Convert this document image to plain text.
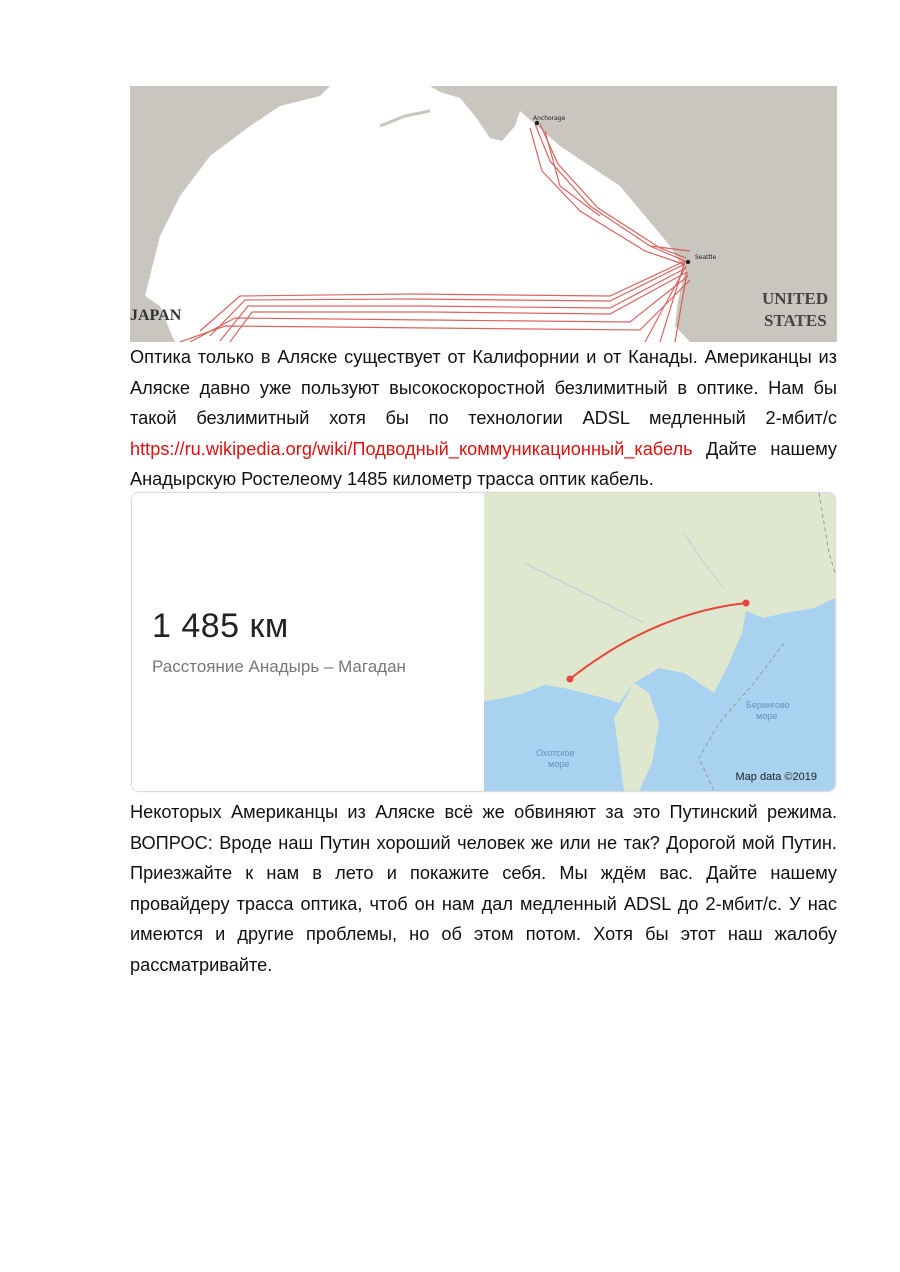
Anchorage
Seattle
JAPAN
UNITED
STATES

Оптика только в Аляске существует от Калифорнии и от Канады. Американцы из Аляске давно уже пользуют высокоскоростной безлимитный в оптике. Нам бы такой безлимитный хотя бы по технологии ADSL медленный 2-мбит/с https://ru.wikipedia.org/wiki/Подводный_коммуникационный_кабель Дайте нашему Анадырскую Ростелеому 1485 километр трасса оптик кабель.

1 485 км
Расстояние Анадырь – Магадан
Берингово
море
Охотское
море
Map data ©2019

Некоторых Американцы из Аляске всё же обвиняют за это Путинский режима. ВОПРОС: Вроде наш Путин хороший человек же или не так? Дорогой мой Путин. Приезжайте к нам в лето и покажите себя. Мы ждём вас. Дайте нашему провайдеру трасса оптика, чтоб он нам дал медленный ADSL до 2-мбит/с. У нас имеются и другие проблемы, но об этом потом. Хотя бы этот наш жалобу рассматривайте.
